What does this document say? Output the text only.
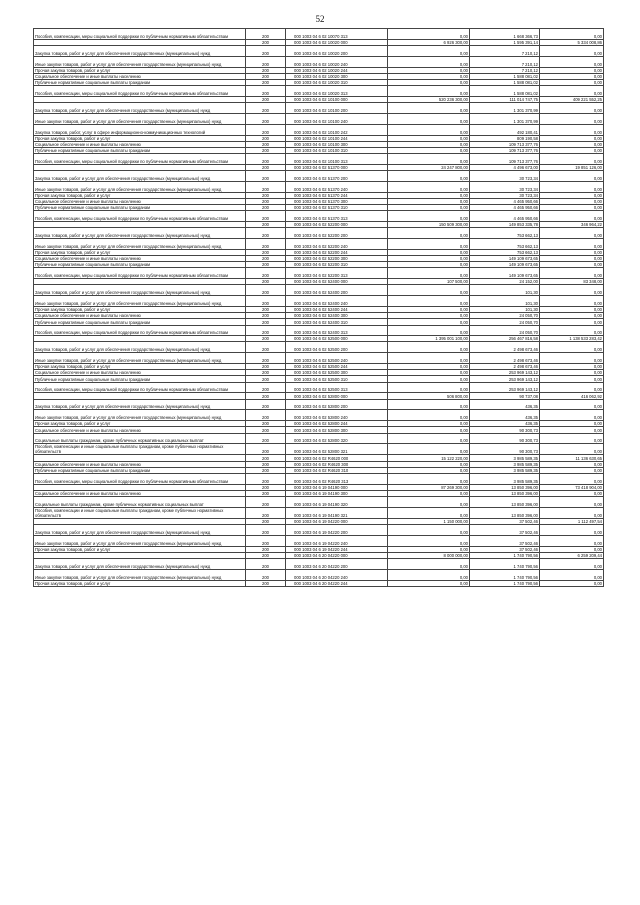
52
Пособия, компенсации, меры социальной поддержки по публичным нормативным обязательствам	200	000 1003 04 6 02 10070 313	0,00	1 668 366,73	0,00
	200	000 1003 04 6 02 10020 000	6 926 300,00	1 595 391,14	5 334 008,86
Закупка товаров, работ и услуг для обеспечения государственных (муниципальных) нужд	200	000 1003 04 6 02 10020 200	0,00	7 210,12	0,00
Иные закупки товаров, работ и услуг для обеспечения государственных (муниципальных) нужд	200	000 1003 04 6 02 10020 240	0,00	7 210,12	0,00
Прочая закупка товаров, работ и услуг	200	000 1003 04 6 02 10020 244	0,00	7 210,12	0,00
Социальное обеспечение и иные выплаты населению	200	000 1003 04 6 02 10020 300	0,00	1 588 081,02	0,00
Публичные нормативные социальные выплаты гражданам	200	000 1003 04 6 02 10020 310	0,00	1 588 081,02	0,00
Пособия, компенсации, меры социальной поддержки по публичным нормативным обязательствам	200	000 1003 04 6 02 10020 313	0,00	1 588 081,02	0,00
	200	000 1003 04 6 02 10100 000	520 236 300,00	111 014 747,75	409 221 552,25
Закупка товаров, работ и услуг для обеспечения государственных (муниципальных) нужд	200	000 1003 04 6 02 10100 200	0,00	1 301 370,99	0,00
Иные закупки товаров, работ и услуг для обеспечения государственных (муниципальных) нужд	200	000 1003 04 6 02 10100 240	0,00	1 301 370,99	0,00
Закупка товаров, работ, услуг в сфере информационно-коммуникационных технологий	200	000 1003 04 6 02 10100 242	0,00	492 180,41	0,00
Прочая закупка товаров, работ и услуг	200	000 1003 04 6 02 10100 244	0,00	809 190,58	0,00
Социальное обеспечение и иные выплаты населению	200	000 1003 04 6 02 10100 300	0,00	109 713 377,76	0,00
Публичные нормативные социальные выплаты гражданам	200	000 1003 04 6 02 10100 310	0,00	109 713 377,76	0,00
Пособия, компенсации, меры социальной поддержки по публичным нормативным обязательствам	200	000 1003 04 6 02 10100 313	0,00	109 713 377,76	0,00
	200	000 1003 04 6 02 51370 000	24 247 800,00	4 496 673,00	19 851 126,00
Закупка товаров, работ и услуг для обеспечения государственных (муниципальных) нужд	200	000 1003 04 6 02 51370 200	0,00	30 723,34	0,00
Иные закупки товаров, работ и услуг для обеспечения государственных (муниципальных) нужд	200	000 1003 04 6 02 51370 240	0,00	30 723,34	0,00
Прочая закупка товаров, работ и услуг	200	000 1003 04 6 02 51370 244	0,00	30 723,34	0,00
Социальное обеспечение и иные выплаты населению	200	000 1003 04 6 02 51370 300	0,00	4 465 950,66	0,00
Публичные нормативные социальные выплаты гражданам	200	000 1003 04 6 02 51370 310	0,00	4 465 950,66	0,00
Пособия, компенсации, меры социальной поддержки по публичным нормативным обязательствам	200	000 1003 04 6 02 51370 313	0,00	4 465 950,66	0,00
	200	000 1003 04 6 02 52200 000	150 509 300,00	149 853 335,78	346 964,22
Закупка товаров, работ и услуг для обеспечения государственных (муниципальных) нужд	200	000 1003 04 6 02 52200 200	0,00	753 662,13	0,00
Иные закупки товаров, работ и услуг для обеспечения государственных (муниципальных) нужд	200	000 1003 04 6 02 52200 240	0,00	753 662,13	0,00
Прочая закупка товаров, работ и услуг	200	000 1003 04 6 02 52200 244	0,00	753 662,13	0,00
Социальное обеспечение и иные выплаты населению	200	000 1003 04 6 02 52200 300	0,00	149 109 673,65	0,00
Публичные нормативные социальные выплаты гражданам	200	000 1003 04 6 02 52200 310	0,00	149 109 673,65	0,00
Пособия, компенсации, меры социальной поддержки по публичным нормативным обязательствам	200	000 1003 04 6 02 52200 313	0,00	149 109 673,65	0,00
	200	000 1003 04 6 02 52400 000	107 500,00	24 152,00	83 348,00
Закупка товаров, работ и услуг для обеспечения государственных (муниципальных) нужд	200	000 1003 04 6 02 52400 200	0,00	101,30	0,00
Иные закупки товаров, работ и услуг для обеспечения государственных (муниципальных) нужд	200	000 1003 04 6 02 52400 240	0,00	101,30	0,00
Прочая закупка товаров, работ и услуг	200	000 1003 04 6 02 52400 244	0,00	101,30	0,00
Социальное обеспечение и иные выплаты населению	200	000 1003 04 6 02 52400 300	0,00	24 050,70	0,00
Публичные нормативные социальные выплаты гражданам	200	000 1003 04 6 02 52400 310	0,00	24 050,70	0,00
Пособия, компенсации, меры социальной поддержки по публичным нормативным обязательствам	200	000 1003 04 6 02 52400 313	0,00	24 050,70	0,00
	200	000 1003 04 6 02 52500 000	1 395 001 100,00	256 467 816,58	1 138 533 283,42
Закупка товаров, работ и услуг для обеспечения государственных (муниципальных) нужд	200	000 1003 04 6 02 52500 200	0,00	2 498 673,46	0,00
Иные закупки товаров, работ и услуг для обеспечения государственных (муниципальных) нужд	200	000 1003 04 6 02 52500 240	0,00	2 498 673,46	0,00
Прочая закупка товаров, работ и услуг	200	000 1003 04 6 02 52500 244	0,00	2 498 673,46	0,00
Социальное обеспечение и иные выплаты населению	200	000 1003 04 6 02 52500 300	0,00	253 969 143,12	0,00
Публичные нормативные социальные выплаты гражданам	200	000 1003 04 6 02 52500 310	0,00	253 969 143,12	0,00
Пособия, компенсации, меры социальной поддержки по публичным нормативным обязательствам	200	000 1003 04 6 02 52500 313	0,00	253 969 143,12	0,00
	200	000 1003 04 6 02 52800 000	506 800,00	90 737,08	416 062,92
Закупка товаров, работ и услуг для обеспечения государственных (муниципальных) нужд	200	000 1003 04 6 02 52800 200	0,00	436,35	0,00
Иные закупки товаров, работ и услуг для обеспечения государственных (муниципальных) нужд	200	000 1003 04 6 02 52800 240	0,00	436,35	0,00
Прочая закупка товаров, работ и услуг	200	000 1003 04 6 02 52800 244	0,00	436,35	0,00
Социальное обеспечение и иные выплаты населению	200	000 1003 04 6 02 52800 300	0,00	90 300,73	0,00
Социальные выплаты гражданам, кроме публичных нормативных социальных выплат	200	000 1003 04 6 02 52800 320	0,00	90 300,73	0,00
Пособия, компенсации и иные социальные выплаты гражданам, кроме публичных нормативных обязательств	200	000 1003 04 6 02 52800 321	0,00	90 300,73	0,00
	200	000 1003 04 6 02 R4620 000	15 122 220,00	3 985 589,35	11 136 630,65
Социальное обеспечение и иные выплаты населению	200	000 1003 04 6 02 R4620 300	0,00	3 985 589,35	0,00
Публичные нормативные социальные выплаты гражданам	200	000 1003 04 6 02 R4620 310	0,00	3 985 589,35	0,00
Пособия, компенсации, меры социальной поддержки по публичным нормативным обязательствам	200	000 1003 04 6 02 R4620 313	0,00	3 985 589,35	0,00
	200	000 1003 04 6 19 04190 000	87 269 300,00	13 850 396,00	73 418 904,00
Социальное обеспечение и иные выплаты населению	200	000 1003 04 6 19 04190 300	0,00	13 850 396,00	0,00
Социальные выплаты гражданам, кроме публичных нормативных социальных выплат	200	000 1003 04 6 19 04190 320	0,00	13 850 396,00	0,00
Пособия, компенсации и иные социальные выплаты гражданам, кроме публичных нормативных обязательств	200	000 1003 04 6 19 04190 321	0,00	13 850 396,00	0,00
	200	000 1003 04 6 19 04220 000	1 150 000,00	37 502,46	1 112 497,54
Закупка товаров, работ и услуг для обеспечения государственных (муниципальных) нужд	200	000 1003 04 6 19 04220 200	0,00	37 502,46	0,00
Иные закупки товаров, работ и услуг для обеспечения государственных (муниципальных) нужд	200	000 1003 04 6 19 04220 240	0,00	37 502,46	0,00
Прочая закупка товаров, работ и услуг	200	000 1003 04 6 19 04220 244	0,00	37 502,46	0,00
	200	000 1003 04 6 20 04220 000	8 000 000,00	1 740 790,56	6 259 209,44
Закупка товаров, работ и услуг для обеспечения государственных (муниципальных) нужд	200	000 1003 04 6 20 04220 200	0,00	1 740 790,56	0,00
Иные закупки товаров, работ и услуг для обеспечения государственных (муниципальных) нужд	200	000 1003 04 6 20 04220 240	0,00	1 740 790,56	0,00
Прочая закупка товаров, работ и услуг	200	000 1003 04 6 20 04220 244	0,00	1 740 790,56	0,00
